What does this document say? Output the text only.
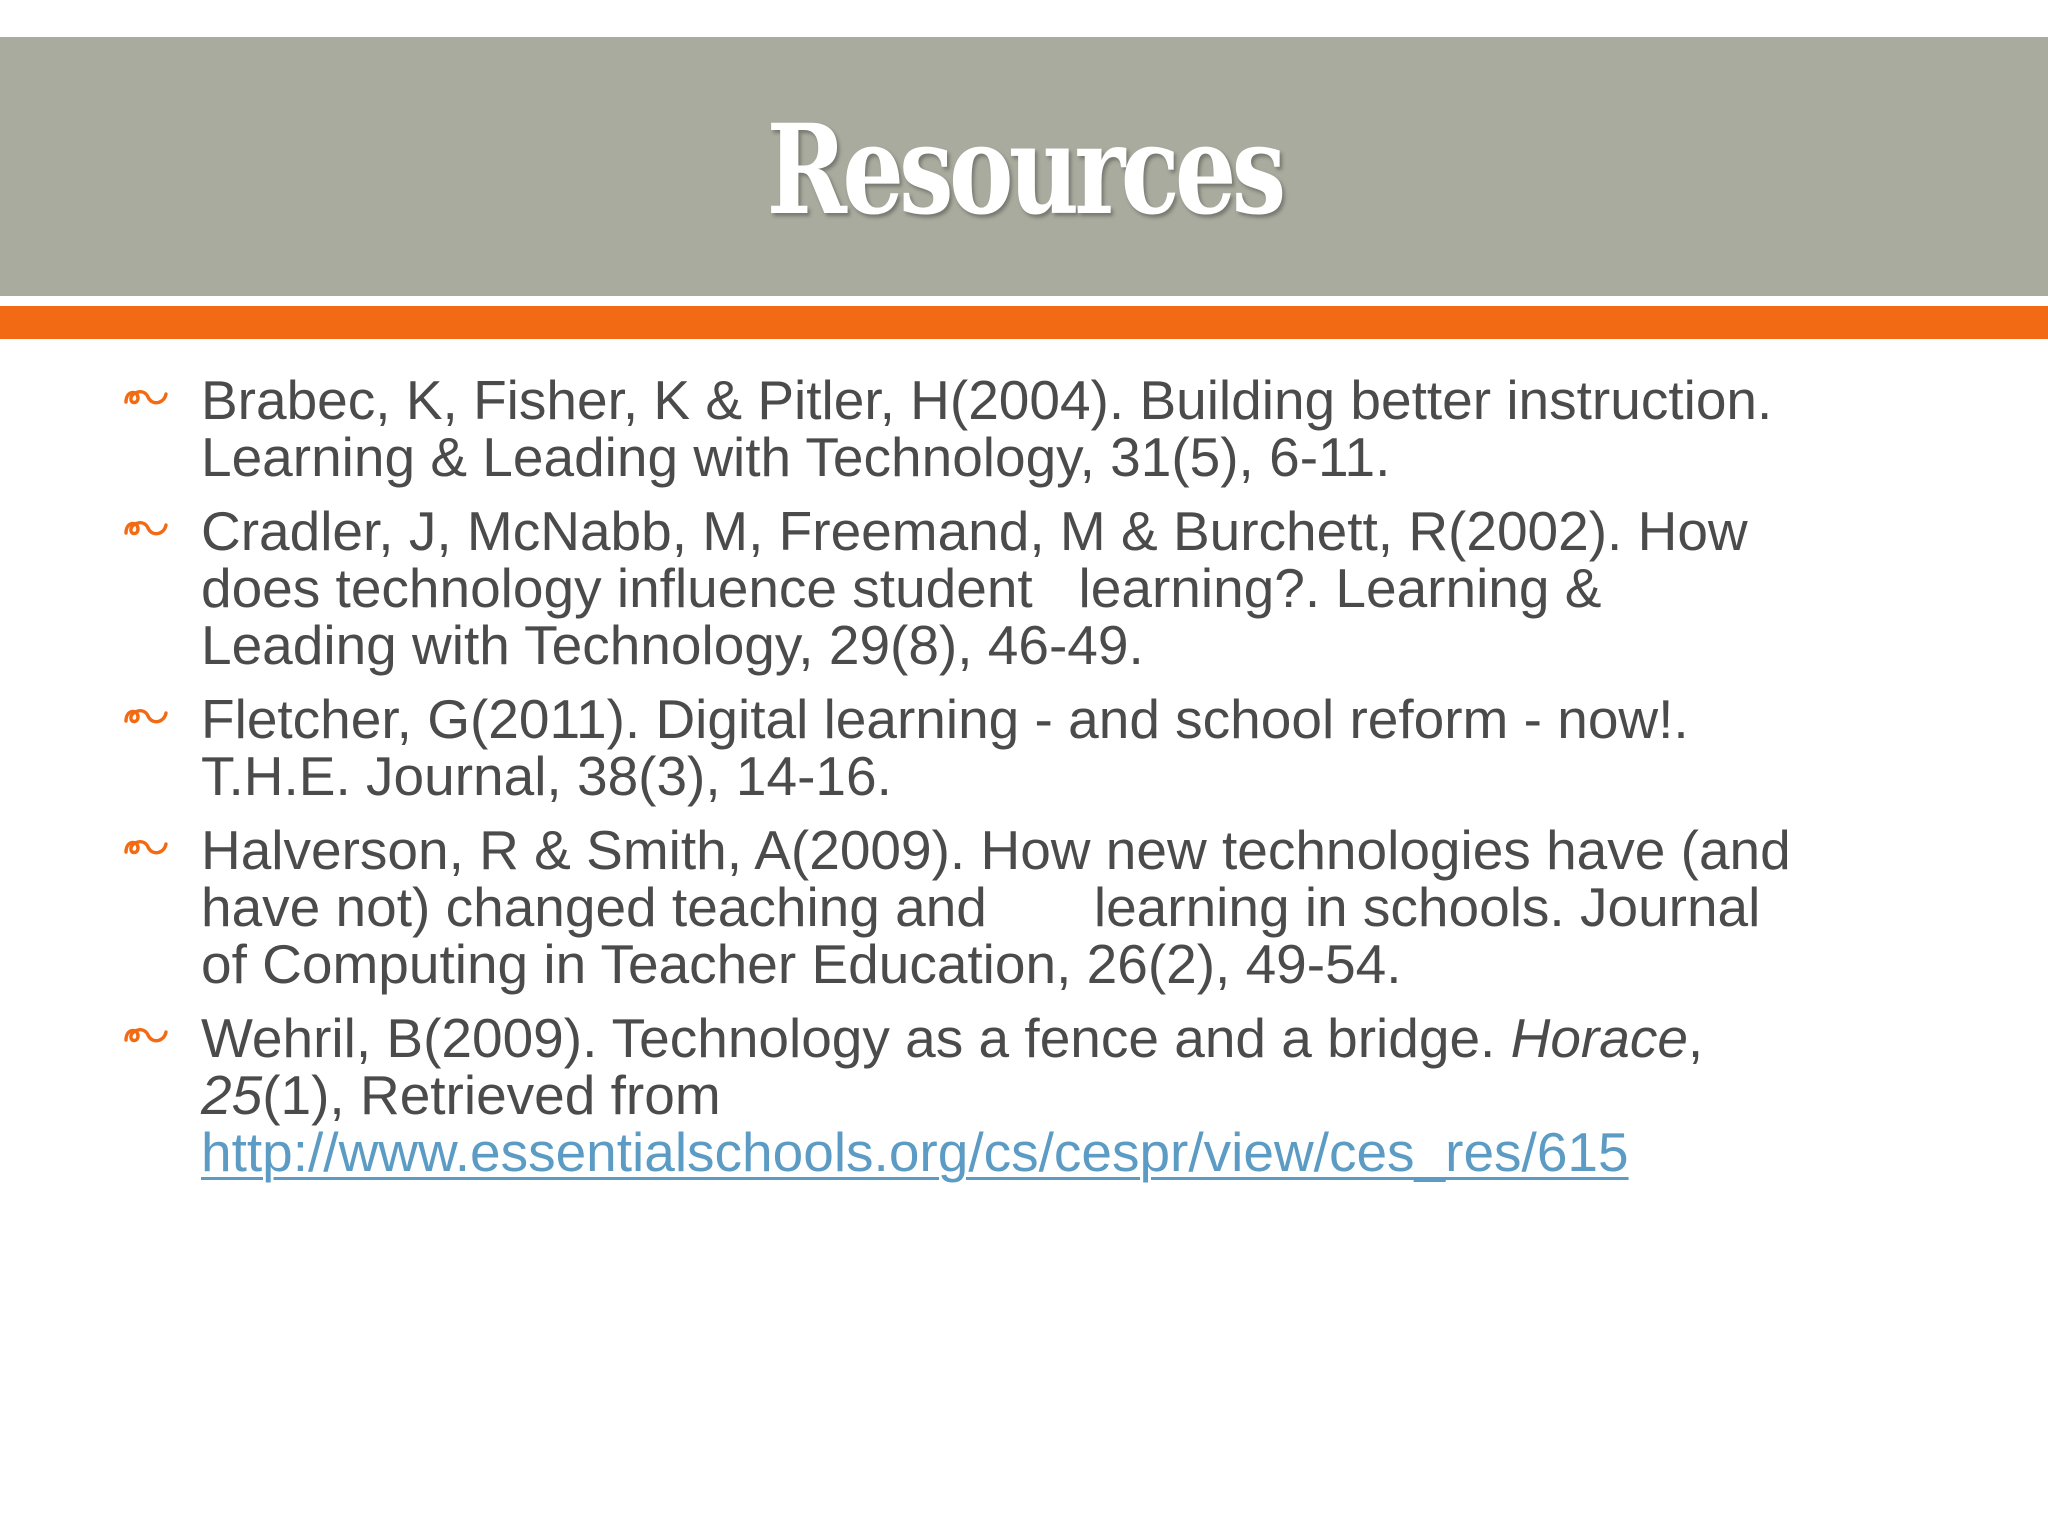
Resources
Brabec, K, Fisher, K & Pitler, H(2004). Building better instruction.
Learning & Leading with Technology, 31(5), 6-11.
Cradler, J, McNabb, M, Freemand, M & Burchett, R(2002). How
does technology influence student   learning?. Learning &
Leading with Technology, 29(8), 46-49.
Fletcher, G(2011). Digital learning - and school reform - now!.
T.H.E. Journal, 38(3), 14-16.
Halverson, R & Smith, A(2009). How new technologies have (and
have not) changed teaching and       learning in schools. Journal
of Computing in Teacher Education, 26(2), 49-54.
Wehril, B(2009). Technology as a fence and a bridge. Horace,
25(1), Retrieved from
http://www.essentialschools.org/cs/cespr/view/ces_res/615
